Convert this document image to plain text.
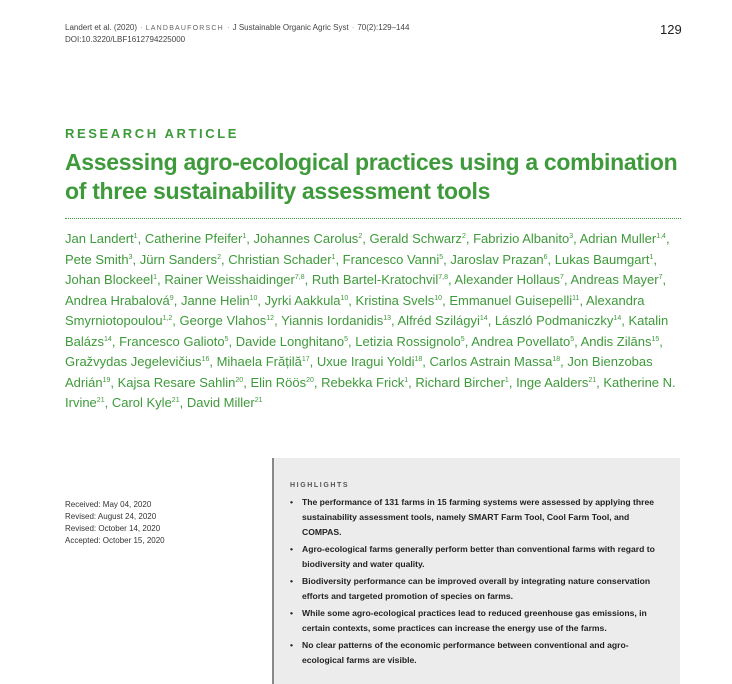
Landert et al. (2020) · LANDBAUFORSCH · J Sustainable Organic Agric Syst · 70(2):129–144
DOI:10.3220/LBF1612794225000
129
RESEARCH ARTICLE
Assessing agro-ecological practices using a combination of three sustainability assessment tools

Jan Landert$^1$, Catherine Pfeifer$^1$, Johannes Carolus$^2$, Gerald Schwarz$^2$, Fabrizio Albanito$^3$, Adrian Muller$^{1,4}$, Pete Smith$^3$, Jürn Sanders$^2$, Christian Schader$^1$, Francesco Vanni$^5$, Jaroslav Prazan$^6$, Lukas Baumgart$^1$, Johan Blockeel$^1$, Rainer Weisshaidinger$^{7,8}$, Ruth Bartel-Kratochvil$^{7,8}$, Alexander Hollaus$^7$, Andreas Mayer$^7$, Andrea Hrabalová$^9$, Janne Helin$^{10}$, Jyrki Aakkula$^{10}$, Kristina Svels$^{10}$, Emmanuel Guisepelli$^{11}$, Alexandra Smyrniotopoulou$^{1,2}$, George Vlahos$^{12}$, Yiannis Iordanidis$^{13}$, Alfréd Szilágyi$^{14}$, László Podmaniczky$^{14}$, Katalin Balázs$^{14}$, Francesco Galioto$^5$, Davide Longhitano$^5$, Letizia Rossignolo$^5$, Andrea Povellato$^5$, Andis Zilāns$^{15}$, Gražvydas Jegelevičius$^{16}$, Mihaela Frățilă$^{17}$, Uxue Iragui Yoldi$^{18}$, Carlos Astrain Massa$^{18}$, Jon Bienzobas Adrián$^{19}$, Kajsa Resare Sahlin$^{20}$, Elin Röös$^{20}$, Rebekka Frick$^1$, Richard Bircher$^1$, Inge Aalders$^{21}$, Katherine N. Irvine$^{21}$, Carol Kyle$^{21}$, David Miller$^{21}$

Received: May 04, 2020
Revised: August 24, 2020
Revised: October 14, 2020
Accepted: October 15, 2020
HIGHLIGHTS
• The performance of 131 farms in 15 farming systems were assessed by applying three sustainability assessment tools, namely SMART Farm Tool, Cool Farm Tool, and COMPAS.
• Agro-ecological farms generally perform better than conventional farms with regard to biodiversity and water quality.
• Biodiversity performance can be improved overall by integrating nature conservation efforts and targeted promotion of species on farms.
• While some agro-ecological practices lead to reduced greenhouse gas emissions, in certain contexts, some practices can increase the energy use of the farms.
• No clear patterns of the economic performance between conventional and agro-ecological farms are visible.
